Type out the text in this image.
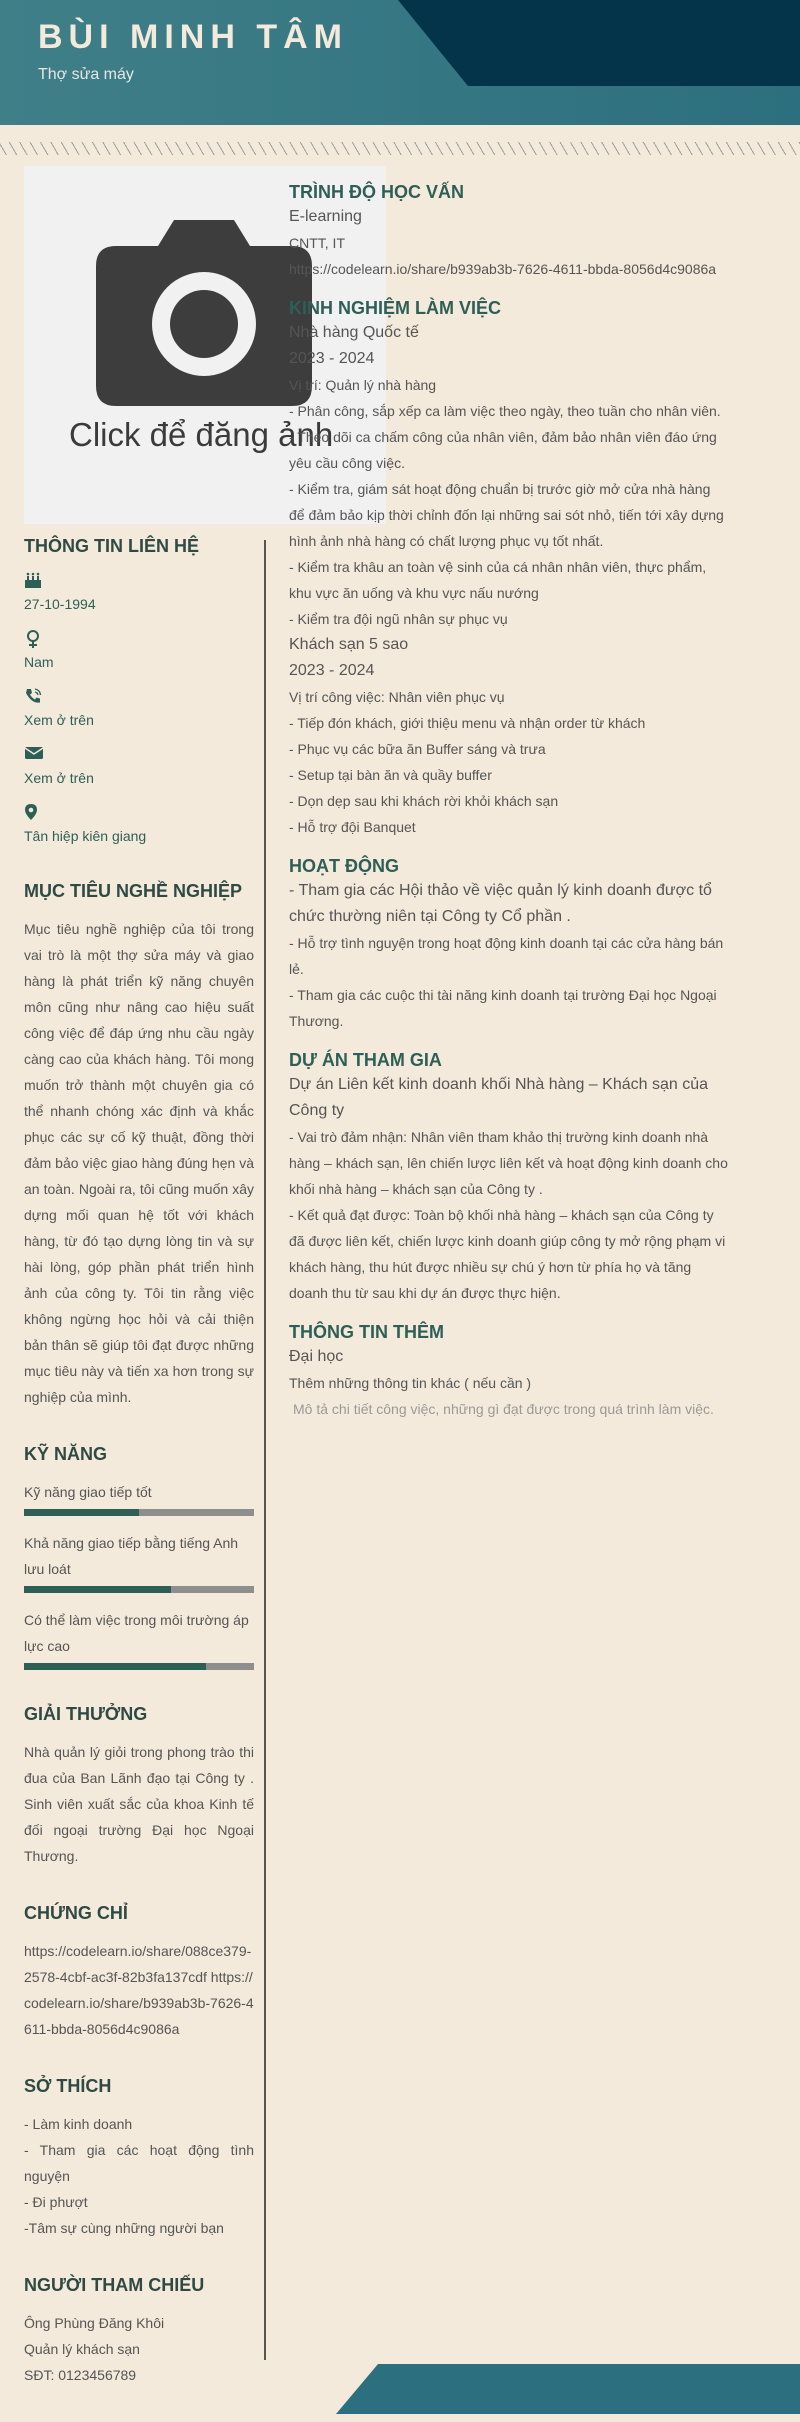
BÙI MINH TÂM
Thợ sửa máy
Click để đăng ảnh
THÔNG TIN LIÊN HỆ
27-10-1994
Nam
Xem ở trên
Xem ở trên
Tân hiệp kiên giang
MỤC TIÊU NGHỀ NGHIỆP
Mục tiêu nghề nghiệp của tôi trong vai trò là một thợ sửa máy và giao hàng là phát triển kỹ năng chuyên môn cũng như nâng cao hiệu suất công việc để đáp ứng nhu cầu ngày càng cao của khách hàng. Tôi mong muốn trở thành một chuyên gia có thể nhanh chóng xác định và khắc phục các sự cố kỹ thuật, đồng thời đảm bảo việc giao hàng đúng hẹn và an toàn. Ngoài ra, tôi cũng muốn xây dựng mối quan hệ tốt với khách hàng, từ đó tạo dựng lòng tin và sự hài lòng, góp phần phát triển hình ảnh của công ty. Tôi tin rằng việc không ngừng học hỏi và cải thiện bản thân sẽ giúp tôi đạt được những mục tiêu này và tiến xa hơn trong sự nghiệp của mình.
KỸ NĂNG
Kỹ năng giao tiếp tốt
Khả năng giao tiếp bằng tiếng Anh lưu loát
Có thể làm việc trong môi trường áp lực cao
GIẢI THƯỞNG
Nhà quản lý giỏi trong phong trào thi đua của Ban Lãnh đạo tại Công ty . Sinh viên xuất sắc của khoa Kinh tế đối ngoại trường Đại học Ngoại Thương.
CHỨNG CHỈ
https://codelearn.io/share/088ce379-2578-4cbf-ac3f-82b3fa137cdf https://codelearn.io/share/b939ab3b-7626-4611-bbda-8056d4c9086a
SỞ THÍCH
- Làm kinh doanh
- Tham gia các hoạt động tình nguyện
- Đi phượt
-Tâm sự cùng những người bạn
NGƯỜI THAM CHIẾU
Ông Phùng Đăng Khôi
Quản lý khách sạn
SĐT: 0123456789
TRÌNH ĐỘ HỌC VẤN
E-learning
CNTT, IT
https://codelearn.io/share/b939ab3b-7626-4611-bbda-8056d4c9086a
KINH NGHIỆM LÀM VIỆC
Nhà hàng Quốc tế
2023 - 2024
Vị trí: Quản lý nhà hàng
- Phân công, sắp xếp ca làm việc theo ngày, theo tuần cho nhân viên.
- Theo dõi ca chấm công của nhân viên, đảm bảo nhân viên đáo ứng yêu cầu công việc.
- Kiểm tra, giám sát hoạt động chuẩn bị trước giờ mở cửa nhà hàng để đảm bảo kịp thời chỉnh đốn lại những sai sót nhỏ, tiến tới xây dựng hình ảnh nhà hàng có chất lượng phục vụ tốt nhất.
- Kiểm tra khâu an toàn vệ sinh của cá nhân nhân viên, thực phẩm, khu vực ăn uống và khu vực nấu nướng
- Kiểm tra đội ngũ nhân sự phục vụ
Khách sạn 5 sao
2023 - 2024
Vị trí công việc: Nhân viên phục vụ
- Tiếp đón khách, giới thiệu menu và nhận order từ khách
- Phục vụ các bữa ăn Buffer sáng và trưa
- Setup tại bàn ăn và quầy buffer
- Dọn dẹp sau khi khách rời khỏi khách sạn
- Hỗ trợ đội Banquet
HOẠT ĐỘNG
- Tham gia các Hội thảo về việc quản lý kinh doanh được tổ chức thường niên tại Công ty Cổ phần .
- Hỗ trợ tình nguyện trong hoạt động kinh doanh tại các cửa hàng bán lẻ.
- Tham gia các cuộc thi tài năng kinh doanh tại trường Đại học Ngoại Thương.
DỰ ÁN THAM GIA
Dự án Liên kết kinh doanh khối Nhà hàng – Khách sạn của Công ty
- Vai trò đảm nhận: Nhân viên tham khảo thị trường kinh doanh nhà hàng – khách sạn, lên chiến lược liên kết và hoạt động kinh doanh cho khối nhà hàng – khách sạn của Công ty .
- Kết quả đạt được: Toàn bộ khối nhà hàng – khách sạn của Công ty đã được liên kết, chiến lược kinh doanh giúp công ty mở rộng phạm vi khách hàng, thu hút được nhiều sự chú ý hơn từ phía họ và tăng doanh thu từ sau khi dự án được thực hiện.
THÔNG TIN THÊM
Đại học
Thêm những thông tin khác ( nếu cần )
Mô tả chi tiết công việc, những gì đạt được trong quá trình làm việc.
